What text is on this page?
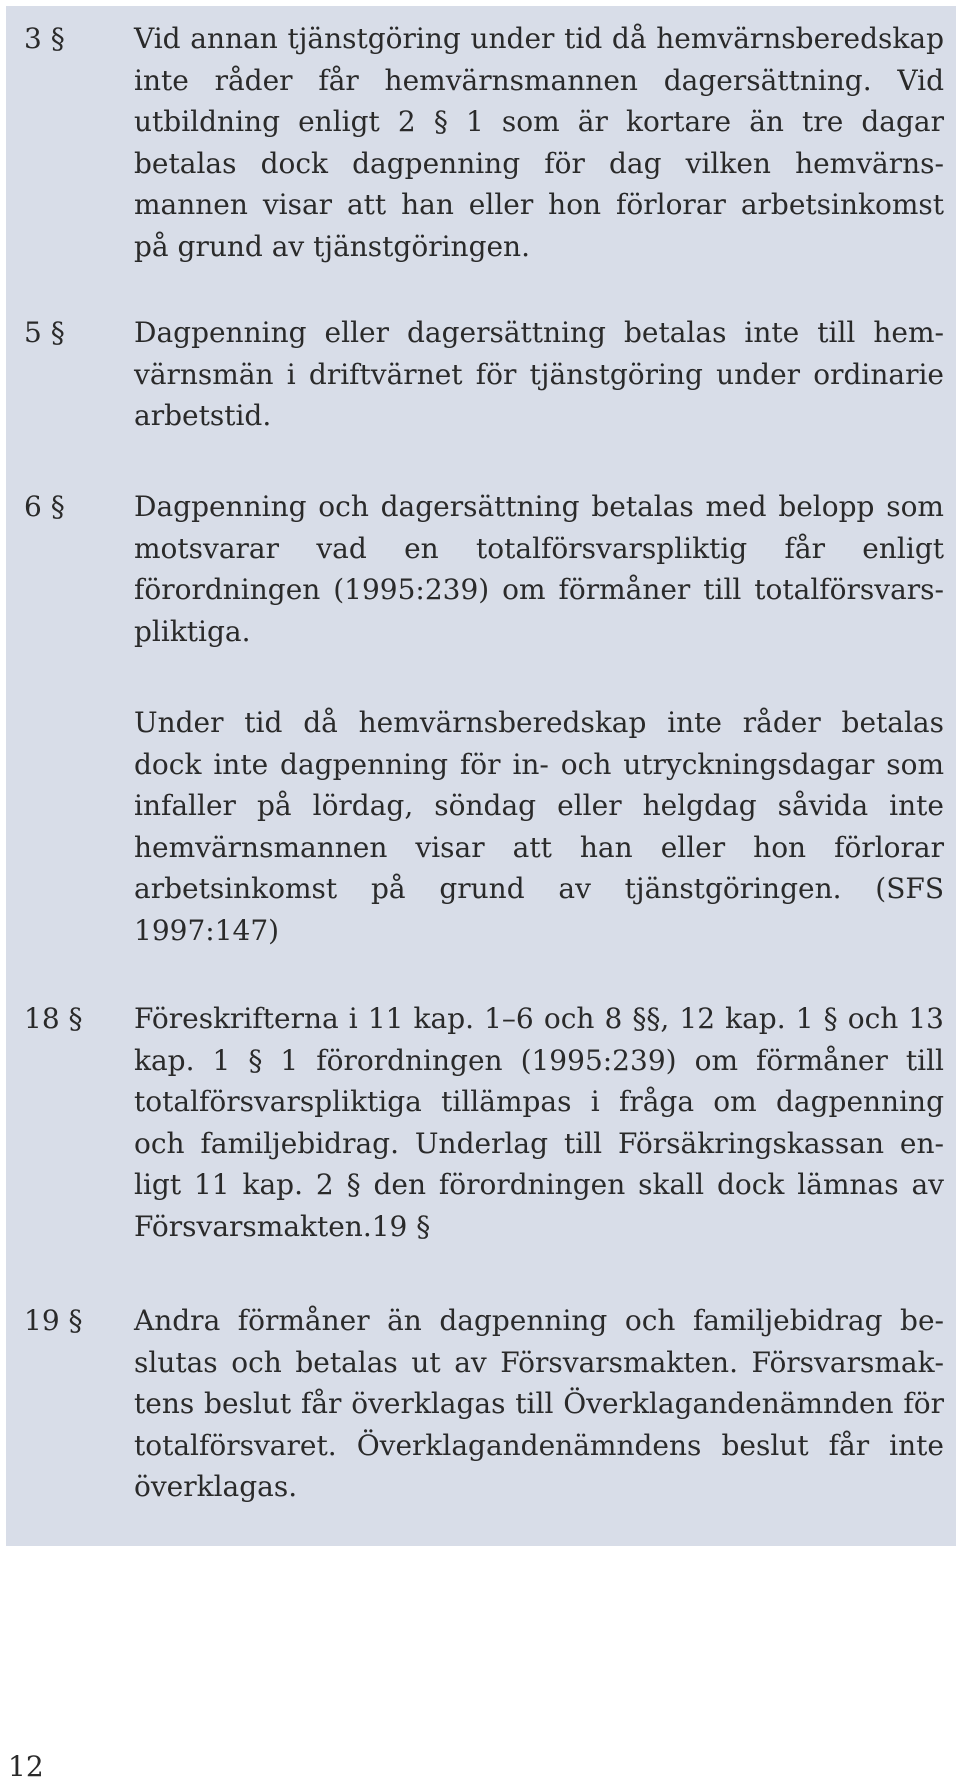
3 § Vid annan tjänstgöring under tid då hemvärnsberedskap inte råder får hemvärnsmannen dagersättning. Vid utbildning enligt 2 § 1 som är kortare än tre dagar betalas dock dagpenning för dag vilken hemvärnsmannen visar att han eller hon förlorar arbetsinkomst på grund av tjänstgöringen.
5 § Dagpenning eller dagersättning betalas inte till hemvärnsmän i driftvärnet för tjänstgöring under ordinarie arbetstid.
6 § Dagpenning och dagersättning betalas med belopp som motsvarar vad en totalförsvarspliktig får enligt förordningen (1995:239) om förmåner till totalförsvarspliktiga.
Under tid då hemvärnsberedskap inte råder betalas dock inte dagpenning för in- och utryckningsdagar som infaller på lördag, söndag eller helgdag såvida inte hemvärnsmannen visar att han eller hon förlorar arbetsinkomst på grund av tjänstgöringen. (SFS 1997:147)
18 § Föreskrifterna i 11 kap. 1–6 och 8 §§, 12 kap. 1 § och 13 kap. 1 § 1 förordningen (1995:239) om förmåner till totalförsvarspliktiga tillämpas i fråga om dagpenning och familjebidrag. Underlag till Försäkringskassan enligt 11 kap. 2 § den förordningen skall dock lämnas av Försvarsmakten.19 §
19 § Andra förmåner än dagpenning och familjebidrag beslutas och betalas ut av Försvarsmakten. Försvarsmaktens beslut får överklagas till Överklagandenämnden för totalförsvaret. Överklagandenämndens beslut får inte överklagas.
12
